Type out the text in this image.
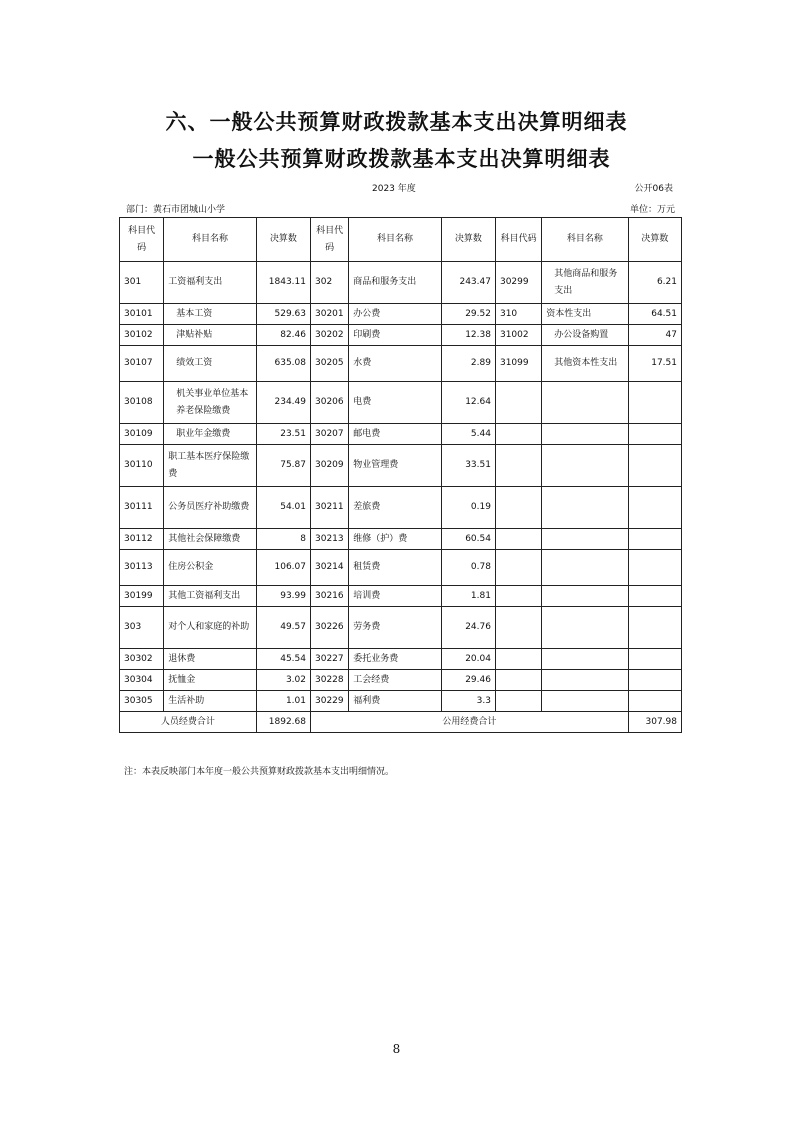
六、一般公共预算财政拨款基本支出决算明细表
一般公共预算财政拨款基本支出决算明细表
2023 年度	公开06表
部门：黄石市团城山小学	单位：万元
科目代码	科目名称	决算数	科目代码	科目名称	决算数	科目代码	科目名称	决算数
301	工资福利支出	1843.11	302	商品和服务支出	243.47	30299	其他商品和服务支出	6.21
30101	基本工资	529.63	30201	办公费	29.52	310	资本性支出	64.51
30102	津贴补贴	82.46	30202	印刷费	12.38	31002	办公设备购置	47
30107	绩效工资	635.08	30205	水费	2.89	31099	其他资本性支出	17.51
30108	机关事业单位基本养老保险缴费	234.49	30206	电费	12.64			
30109	职业年金缴费	23.51	30207	邮电费	5.44			
30110	职工基本医疗保险缴费	75.87	30209	物业管理费	33.51			
30111	公务员医疗补助缴费	54.01	30211	差旅费	0.19			
30112	其他社会保障缴费	8	30213	维修（护）费	60.54			
30113	住房公积金	106.07	30214	租赁费	0.78			
30199	其他工资福利支出	93.99	30216	培训费	1.81			
303	对个人和家庭的补助	49.57	30226	劳务费	24.76			
30302	退休费	45.54	30227	委托业务费	20.04			
30304	抚恤金	3.02	30228	工会经费	29.46			
30305	生活补助	1.01	30229	福利费	3.3			
人员经费合计		1892.68	公用经费合计					307.98
注：本表反映部门本年度一般公共预算财政拨款基本支出明细情况。
8
